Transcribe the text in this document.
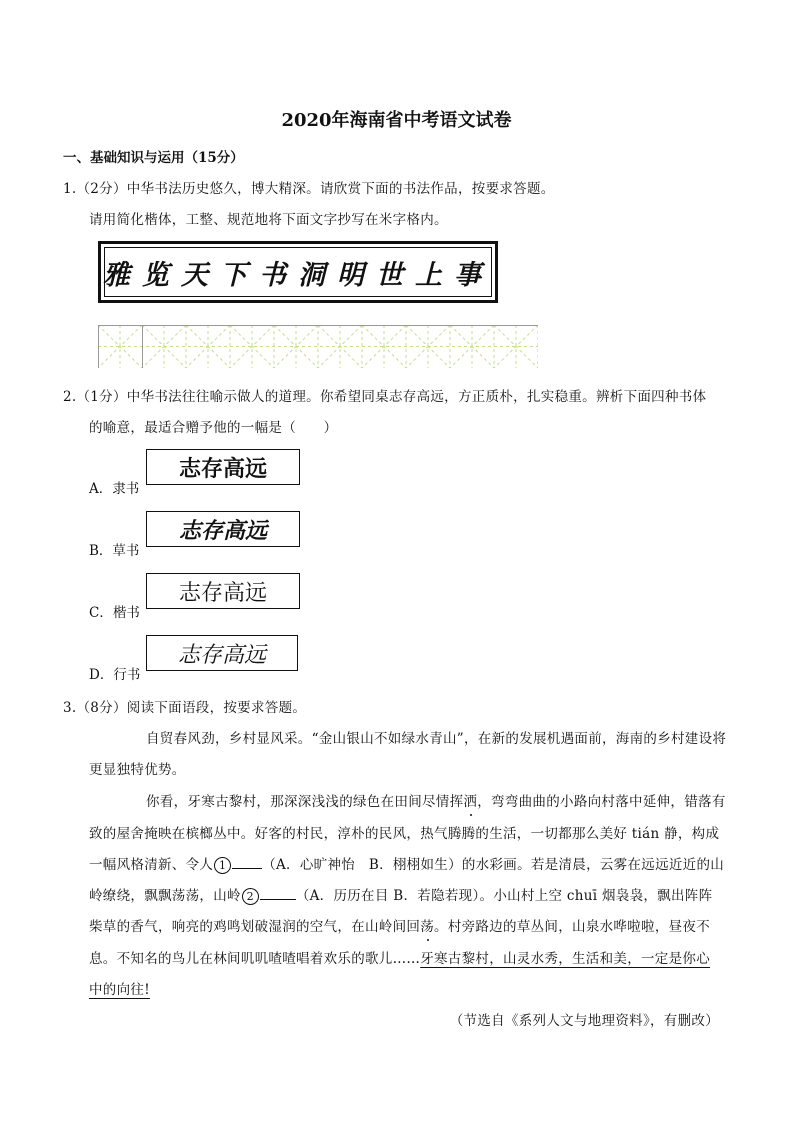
2020年海南省中考语文试卷
一、基础知识与运用（15分）
1.（2分）中华书法历史悠久，博大精深。请欣赏下面的书法作品，按要求答题。
请用简化楷体，工整、规范地将下面文字抄写在米字格内。
雅览天下书 洞明世上事
2.（1分）中华书法往往喻示做人的道理。你希望同桌志存高远，方正质朴，扎实稳重。辨析下面四种书体
的喻意，最适合赠予他的一幅是（　　）
A．隶书
志存高远
B．草书
志存高远
C．楷书
志存高远
D．行书
志存高远
3.（8分）阅读下面语段，按要求答题。
自贸春风劲，乡村显风采。“金山银山不如绿水青山”，在新的发展机遇面前，海南的乡村建设将
更显独特优势。
你看，牙寒古黎村，那深深浅浅的绿色在田间尽情挥洒，弯弯曲曲的小路向村落中延伸，错落有
致的屋舍掩映在槟榔丛中。好客的村民，淳朴的民风，热气腾腾的生活，一切都那么美好 tián 静，构成
一幅风格清新、令人 1	（A．心旷神怡　B．栩栩如生）的水彩画。若是清晨，云雾在远远近近的山
岭缭绕，飘飘荡荡，山岭 2	（A．历历在目 B．若隐若现）。小山村上空 chuī 烟袅袅，飘出阵阵
柴草的香气，响亮的鸡鸣划破湿润的空气，在山岭间回荡。村旁路边的草丛间，山泉水哗啦啦，昼夜不
息。不知名的鸟儿在林间叽叽喳喳唱着欢乐的歌儿……牙寒古黎村，山灵水秀，生活和美，一定是你心
中的向往!
（节选自《系列人文与地理资料》，有删改）
